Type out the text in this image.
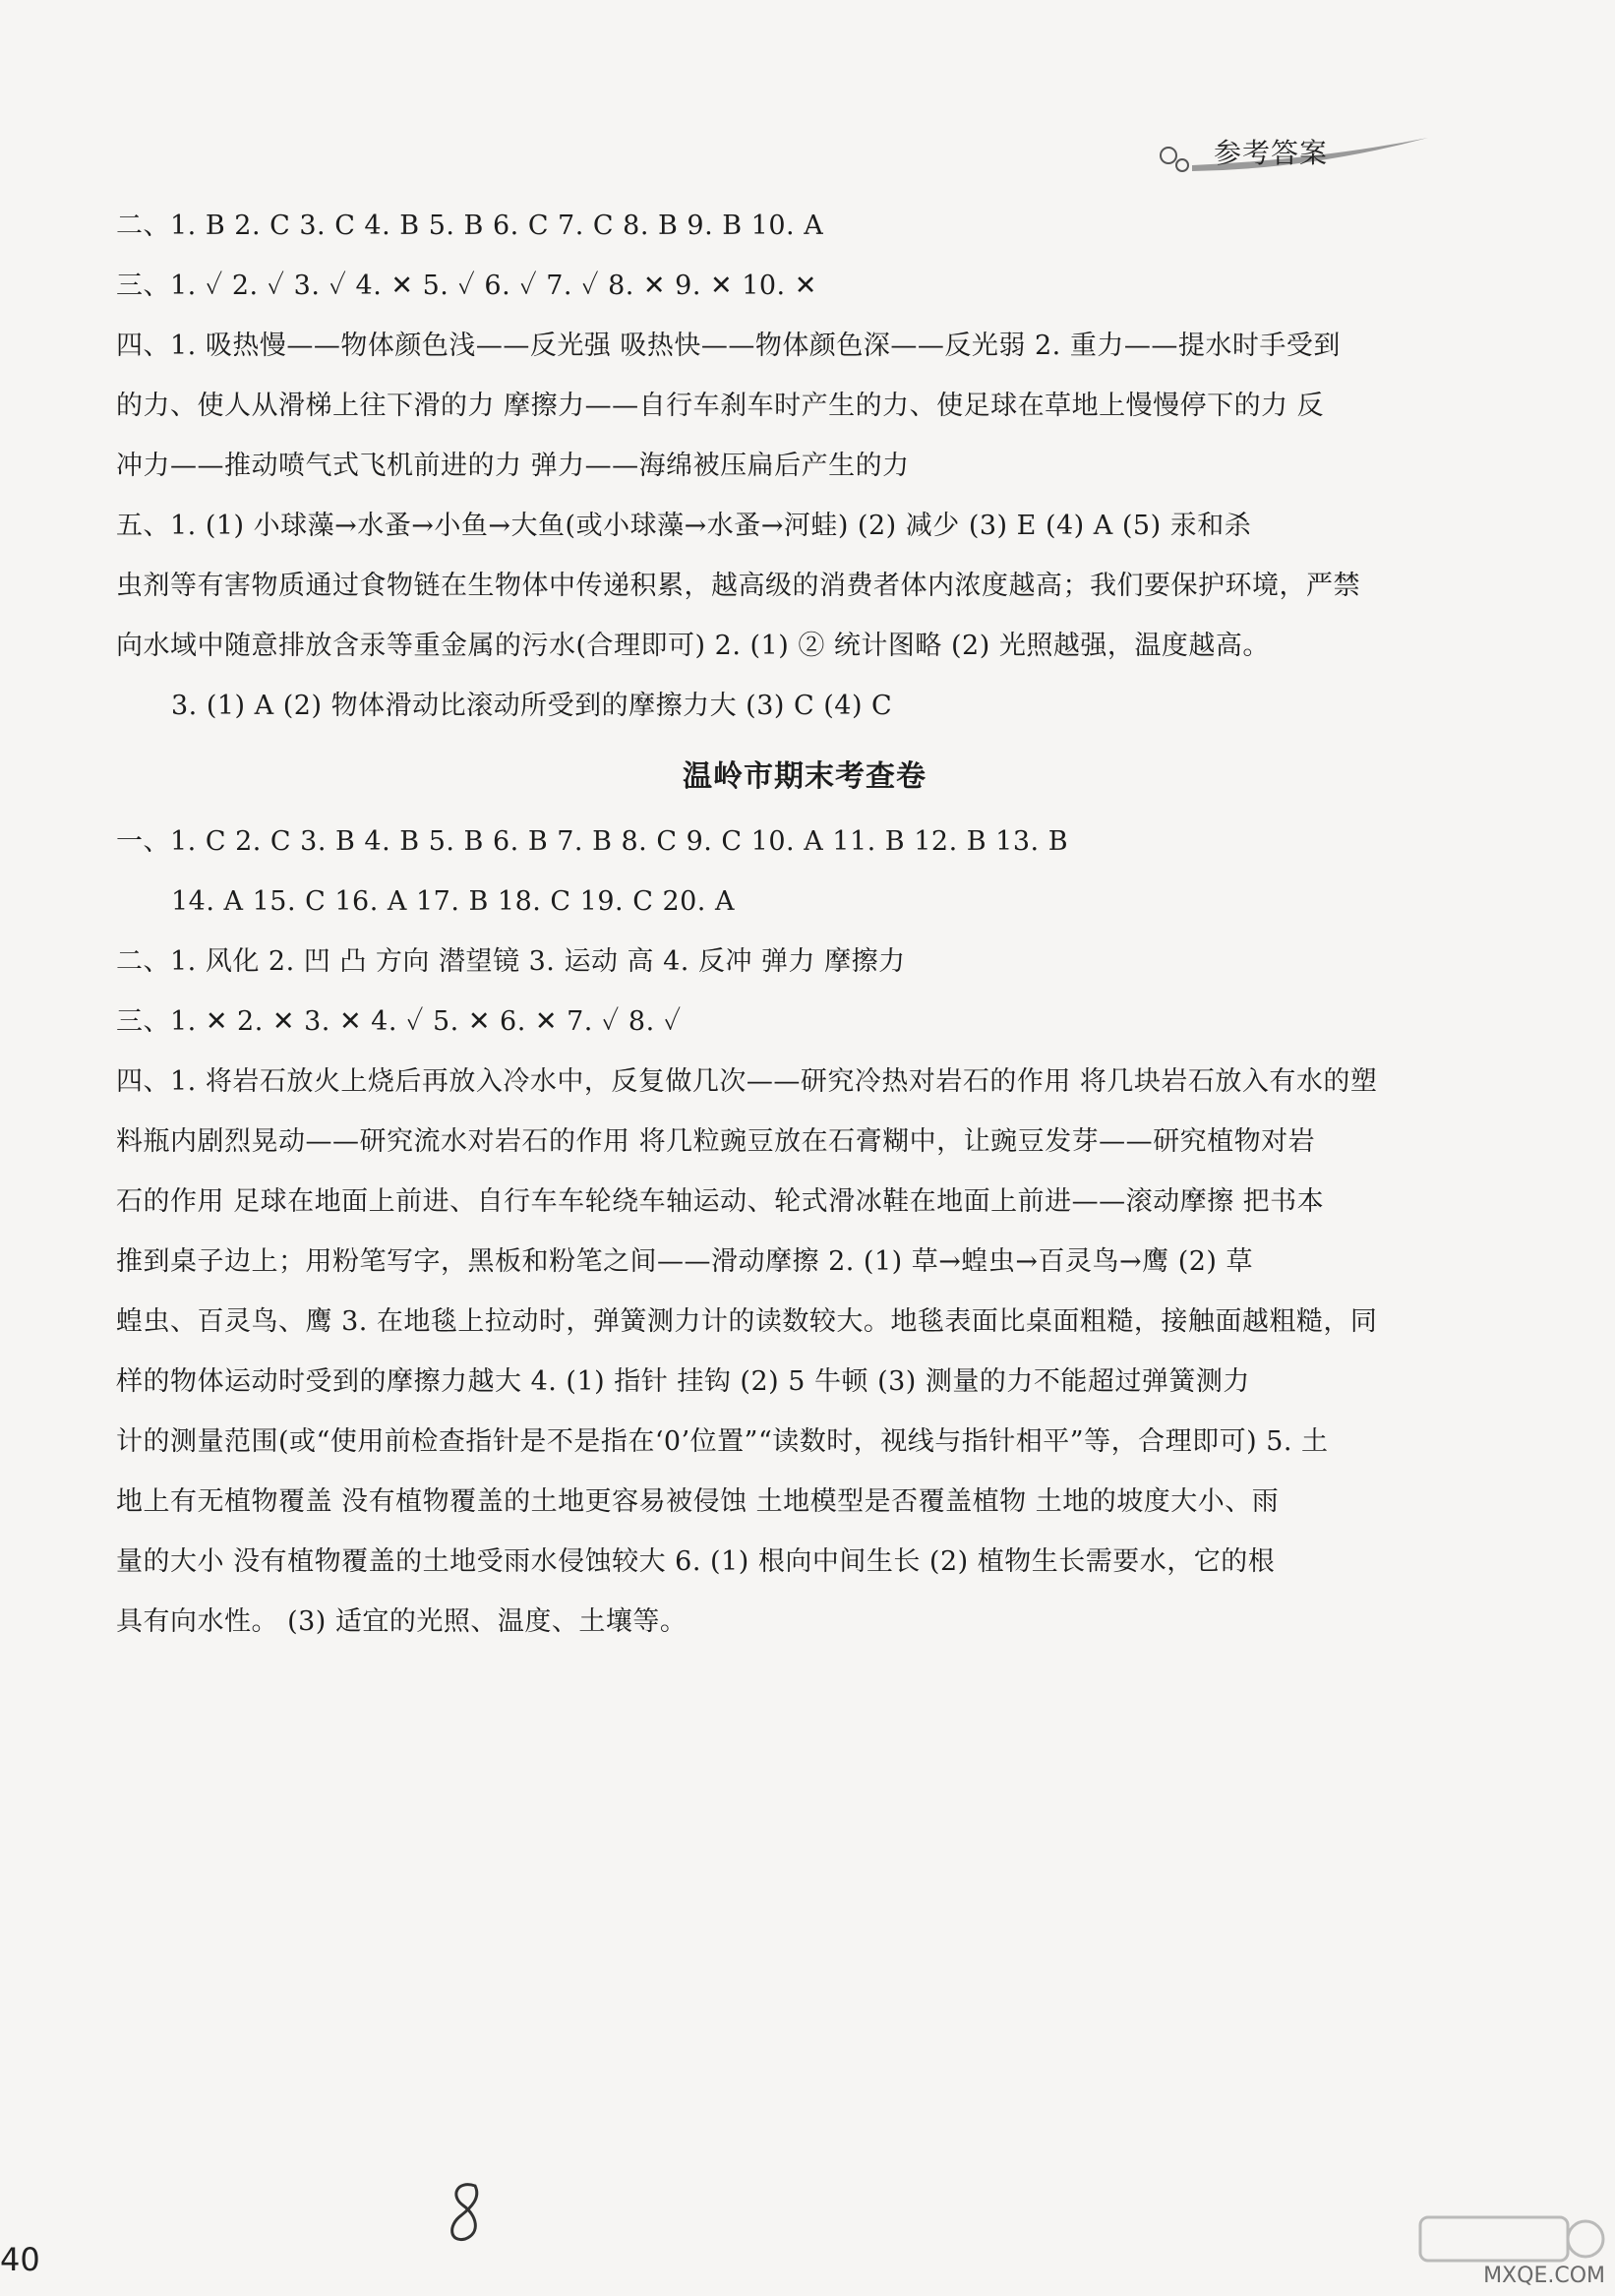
参考答案
二、1. B 2. C 3. C 4. B 5. B 6. C 7. C 8. B 9. B 10. A
三、1. ✓ 2. ✓ 3. ✓ 4. ✕ 5. ✓ 6. ✓ 7. ✓ 8. ✕ 9. ✕ 10. ✕
四、1. 吸热慢——物体颜色浅——反光强 吸热快——物体颜色深——反光弱 2. 重力——提水时手受到
的力、使人从滑梯上往下滑的力 摩擦力——自行车刹车时产生的力、使足球在草地上慢慢停下的力 反
冲力——推动喷气式飞机前进的力 弹力——海绵被压扁后产生的力
五、1. (1) 小球藻→水蚤→小鱼→大鱼(或小球藻→水蚤→河蛙) (2) 减少 (3) E (4) A (5) 汞和杀
虫剂等有害物质通过食物链在生物体中传递积累，越高级的消费者体内浓度越高；我们要保护环境，严禁
向水域中随意排放含汞等重金属的污水(合理即可) 2. (1) ② 统计图略 (2) 光照越强，温度越高。
3. (1) A (2) 物体滑动比滚动所受到的摩擦力大 (3) C (4) C
温岭市期末考查卷
一、1. C 2. C 3. B 4. B 5. B 6. B 7. B 8. C 9. C 10. A 11. B 12. B 13. B
14. A 15. C 16. A 17. B 18. C 19. C 20. A
二、1. 风化 2. 凹 凸 方向 潜望镜 3. 运动 高 4. 反冲 弹力 摩擦力
三、1. ✕ 2. ✕ 3. ✕ 4. ✓ 5. ✕ 6. ✕ 7. ✓ 8. ✓
四、1. 将岩石放火上烧后再放入冷水中，反复做几次——研究冷热对岩石的作用 将几块岩石放入有水的塑
料瓶内剧烈晃动——研究流水对岩石的作用 将几粒豌豆放在石膏糊中，让豌豆发芽——研究植物对岩
石的作用 足球在地面上前进、自行车车轮绕车轴运动、轮式滑冰鞋在地面上前进——滚动摩擦 把书本
推到桌子边上；用粉笔写字，黑板和粉笔之间——滑动摩擦 2. (1) 草→蝗虫→百灵鸟→鹰 (2) 草
蝗虫、百灵鸟、鹰 3. 在地毯上拉动时，弹簧测力计的读数较大。地毯表面比桌面粗糙，接触面越粗糙，同
样的物体运动时受到的摩擦力越大 4. (1) 指针 挂钩 (2) 5 牛顿 (3) 测量的力不能超过弹簧测力
计的测量范围(或“使用前检查指针是不是指在‘0’位置”“读数时，视线与指针相平”等，合理即可) 5. 土
地上有无植物覆盖 没有植物覆盖的土地更容易被侵蚀 土地模型是否覆盖植物 土地的坡度大小、雨
量的大小 没有植物覆盖的土地受雨水侵蚀较大 6. (1) 根向中间生长 (2) 植物生长需要水，它的根
具有向水性。 (3) 适宜的光照、温度、土壤等。
40	MXQE.COM
